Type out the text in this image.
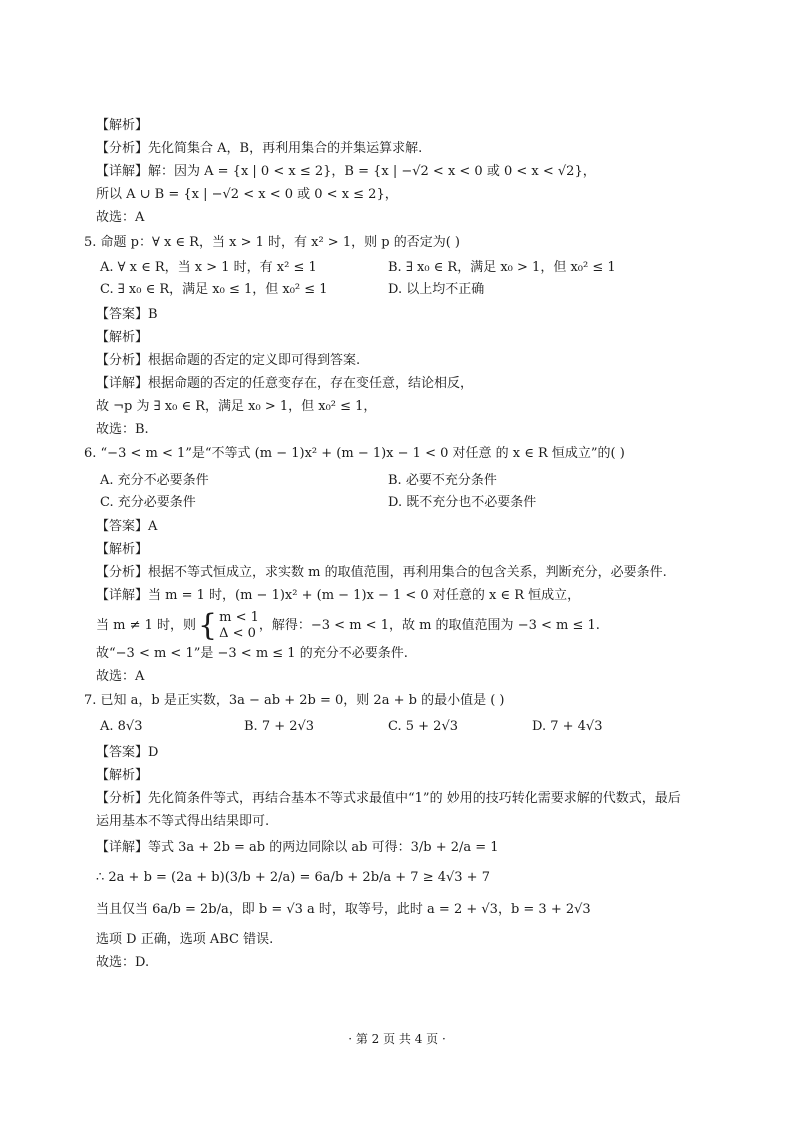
【解析】
【分析】先化简集合 A，B，再利用集合的并集运算求解.
【详解】解：因为 A = {x | 0 < x ≤ 2}，B = {x | −√2 < x < 0 或 0 < x < √2}，
所以 A ∪ B = {x | −√2 < x < 0 或 0 < x ≤ 2}，
故选：A
5. 命题 p：∀ x ∈ R，当 x > 1 时，有 x² > 1，则 p 的否定为( )
A. ∀ x ∈ R，当 x > 1 时，有 x² ≤ 1	B. ∃ x₀ ∈ R，满足 x₀ > 1，但 x₀² ≤ 1
C. ∃ x₀ ∈ R，满足 x₀ ≤ 1，但 x₀² ≤ 1	D. 以上均不正确
【答案】B
【解析】
【分析】根据命题的否定的定义即可得到答案.
【详解】根据命题的否定的任意变存在，存在变任意，结论相反，
故 ¬p 为 ∃ x₀ ∈ R，满足 x₀ > 1，但 x₀² ≤ 1，
故选：B.
6. “−3 < m < 1”是“不等式 (m − 1)x² + (m − 1)x − 1 < 0 对任意 的 x ∈ R 恒成立”的( )
A. 充分不必要条件	B. 必要不充分条件
C. 充分必要条件	D. 既不充分也不必要条件
【答案】A
【解析】
【分析】根据不等式恒成立，求实数 m 的取值范围，再利用集合的包含关系，判断充分，必要条件.
【详解】当 m = 1 时，(m − 1)x² + (m − 1)x − 1 < 0 对任意的 x ∈ R 恒成立，
当 m ≠ 1 时，则 { m < 1
Δ < 0
，解得：−3 < m < 1，故 m 的取值范围为 −3 < m ≤ 1.
故“−3 < m < 1”是 −3 < m ≤ 1 的充分不必要条件.
故选：A
7. 已知 a，b 是正实数，3a − ab + 2b = 0，则 2a + b 的最小值是 ( )
A. 8√3	B. 7 + 2√3	C. 5 + 2√3	D. 7 + 4√3
【答案】D
【解析】
【分析】先化简条件等式，再结合基本不等式求最值中“1”的 妙用的技巧转化需要求解的代数式，最后
运用基本不等式得出结果即可.
【详解】等式 3a + 2b = ab 的两边同除以 ab 可得：3/b + 2/a = 1
∴ 2a + b = (2a + b)(3/b + 2/a) = 6a/b + 2b/a + 7 ≥ 4√3 + 7
当且仅当 6a/b = 2b/a，即 b = √3 a 时，取等号，此时 a = 2 + √3，b = 3 + 2√3
选项 D 正确，选项 ABC 错误.
故选：D.
· 第 2 页 共 4 页 ·
